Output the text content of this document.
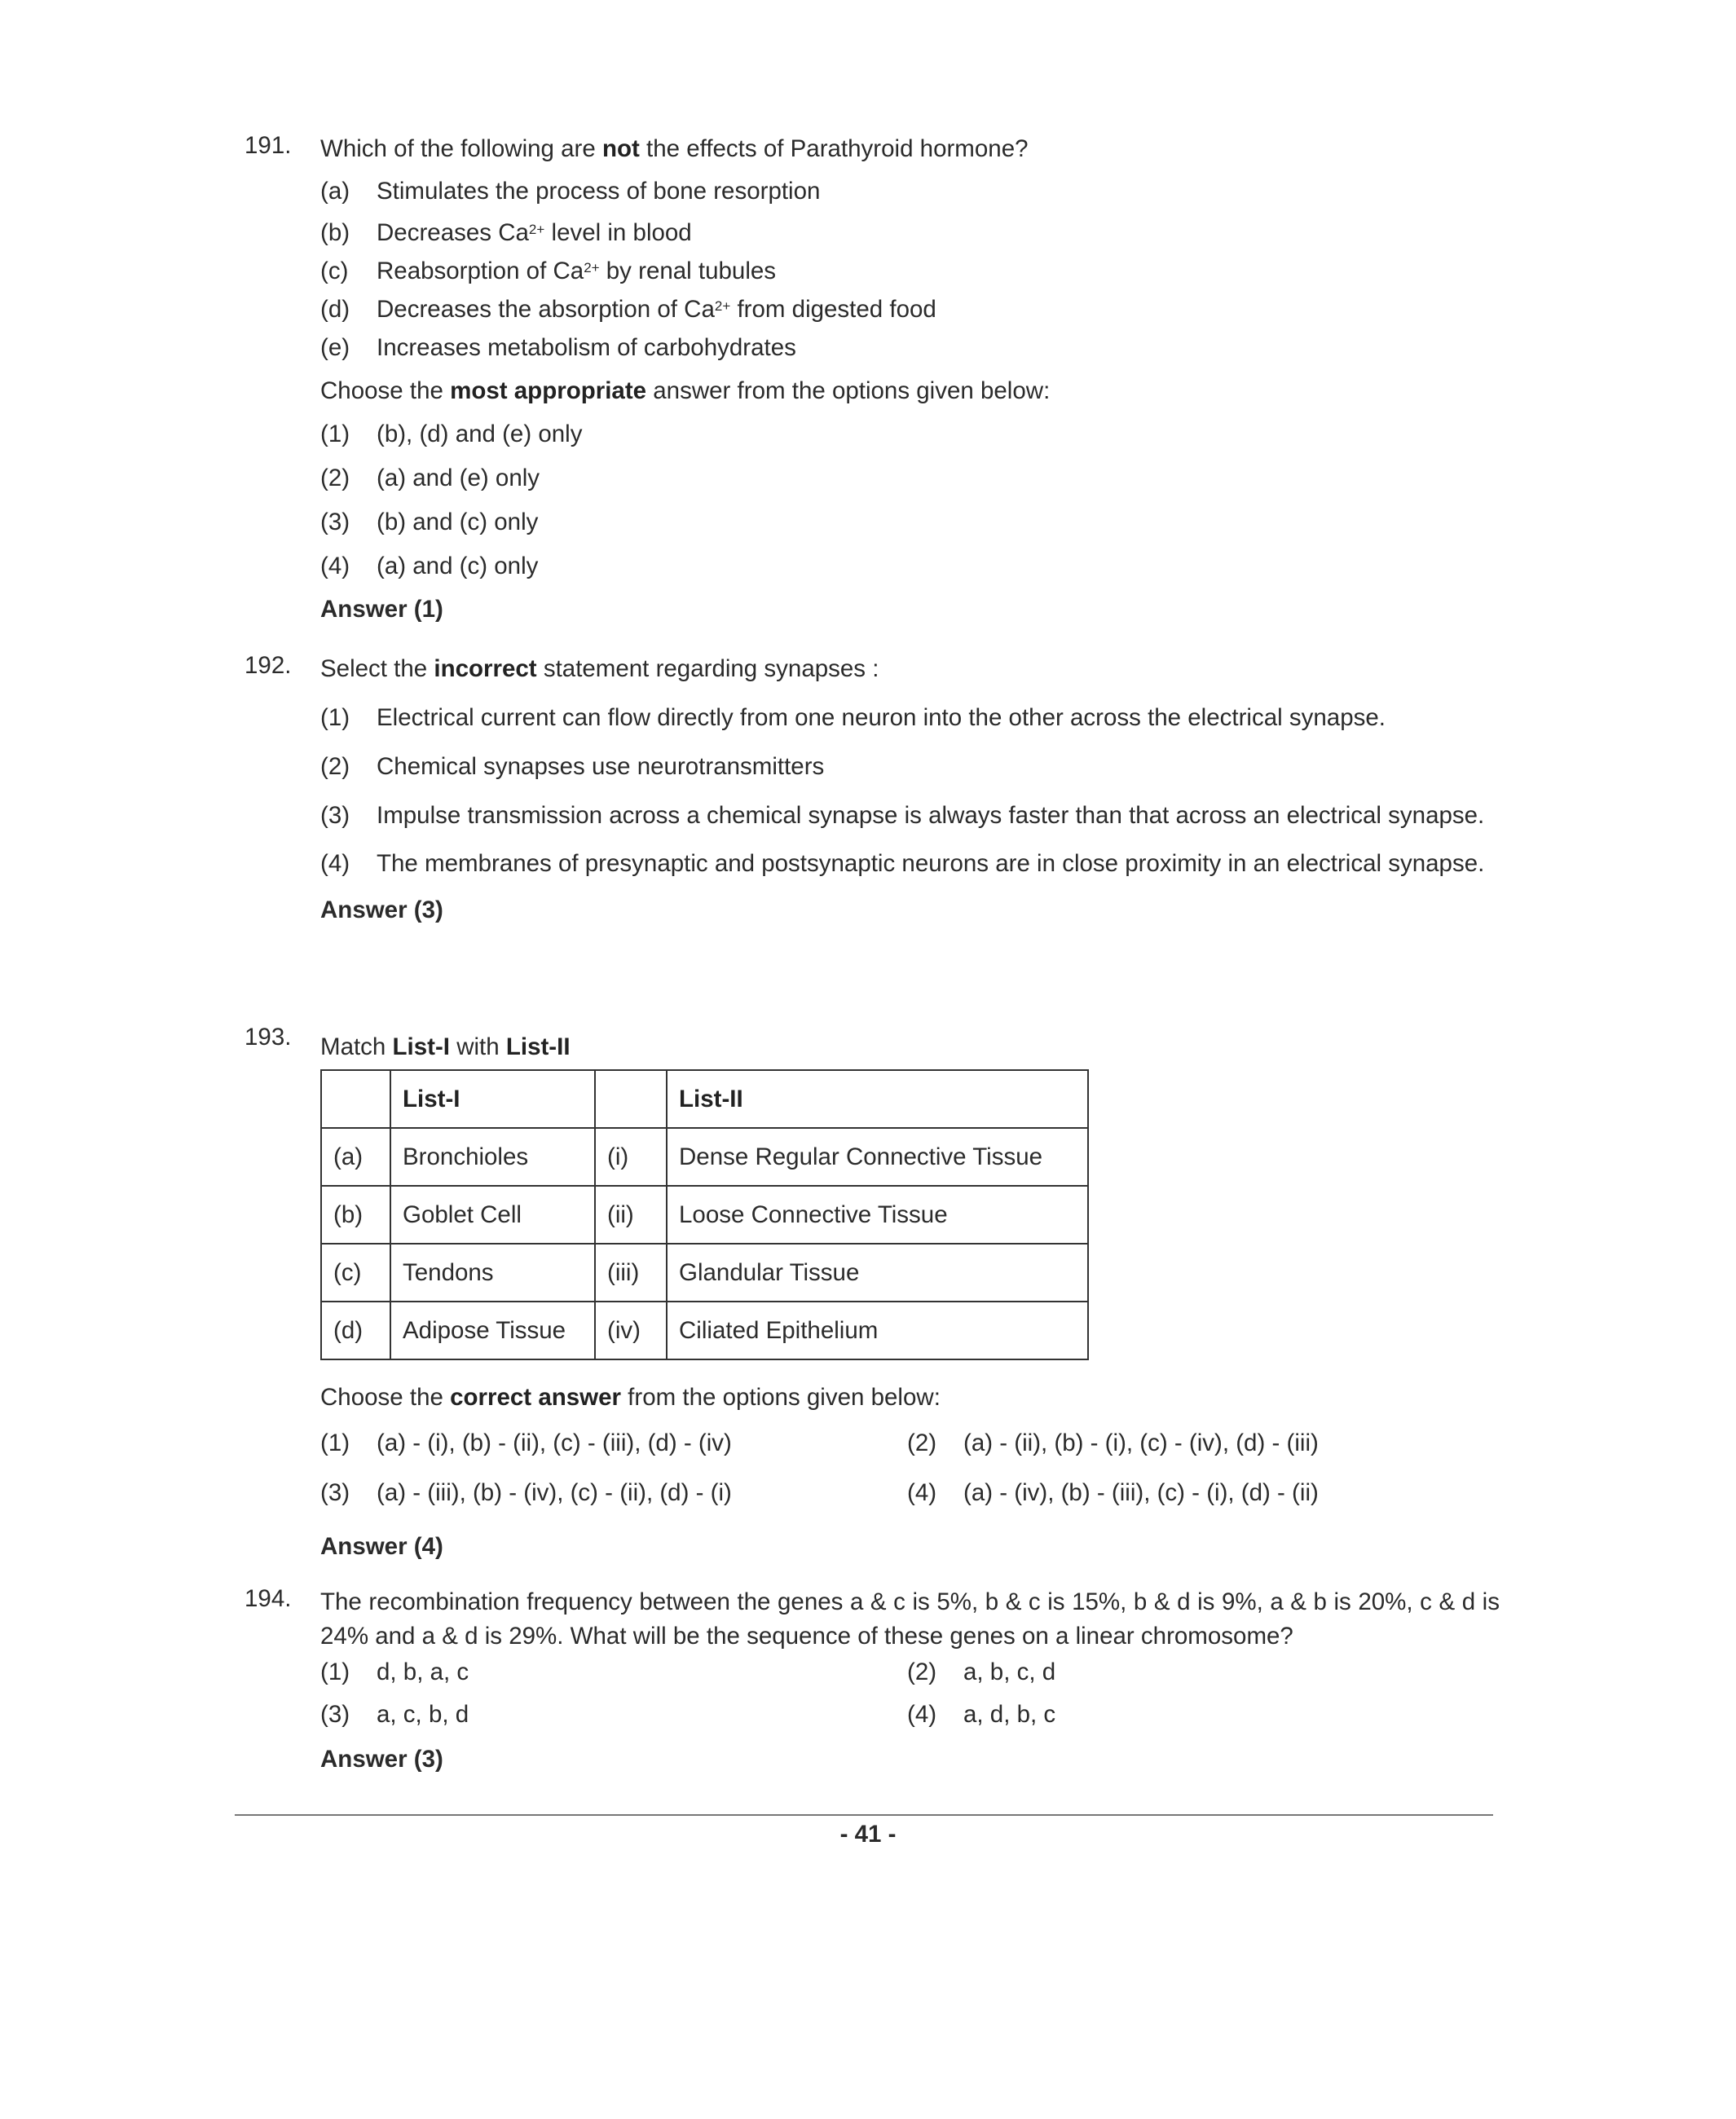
191.	Which of the following are not the effects of Parathyroid hormone?
(a) Stimulates the process of bone resorption
(b) Decreases $Ca^{2+}$ level in blood
(c) Reabsorption of $Ca^{2+}$ by renal tubules
(d) Decreases the absorption of $Ca^{2+}$ from digested food
(e) Increases metabolism of carbohydrates
Choose the most appropriate answer from the options given below:
(1) (b), (d) and (e) only
(2) (a) and (e) only
(3) (b) and (c) only
(4) (a) and (c) only
Answer (1)
192.	Select the incorrect statement regarding synapses :
(1) Electrical current can flow directly from one neuron into the other across the electrical synapse.
(2) Chemical synapses use neurotransmitters
(3) Impulse transmission across a chemical synapse is always faster than that across an electrical synapse.
(4) The membranes of presynaptic and postsynaptic neurons are in close proximity in an electrical synapse.
Answer (3)
193.	Match List-I with List-II
	List-I		List-II
(a)	Bronchioles	(i)	Dense Regular Connective Tissue
(b)	Goblet Cell	(ii)	Loose Connective Tissue
(c)	Tendons	(iii)	Glandular Tissue
(d)	Adipose Tissue	(iv)	Ciliated Epithelium
Choose the correct answer from the options given below:
(1) (a) - (i), (b) - (ii), (c) - (iii), (d) - (iv)	(2) (a) - (ii), (b) - (i), (c) - (iv), (d) - (iii)
(3) (a) - (iii), (b) - (iv), (c) - (ii), (d) - (i)	(4) (a) - (iv), (b) - (iii), (c) - (i), (d) - (ii)
Answer (4)
194.	The recombination frequency between the genes a & c is 5%, b & c is 15%, b & d is 9%, a & b is 20%, c & d is 24% and a & d is 29%. What will be the sequence of these genes on a linear chromosome?
(1) d, b, a, c	(2) a, b, c, d
(3) a, c, b, d	(4) a, d, b, c
Answer (3)
- 41 -
